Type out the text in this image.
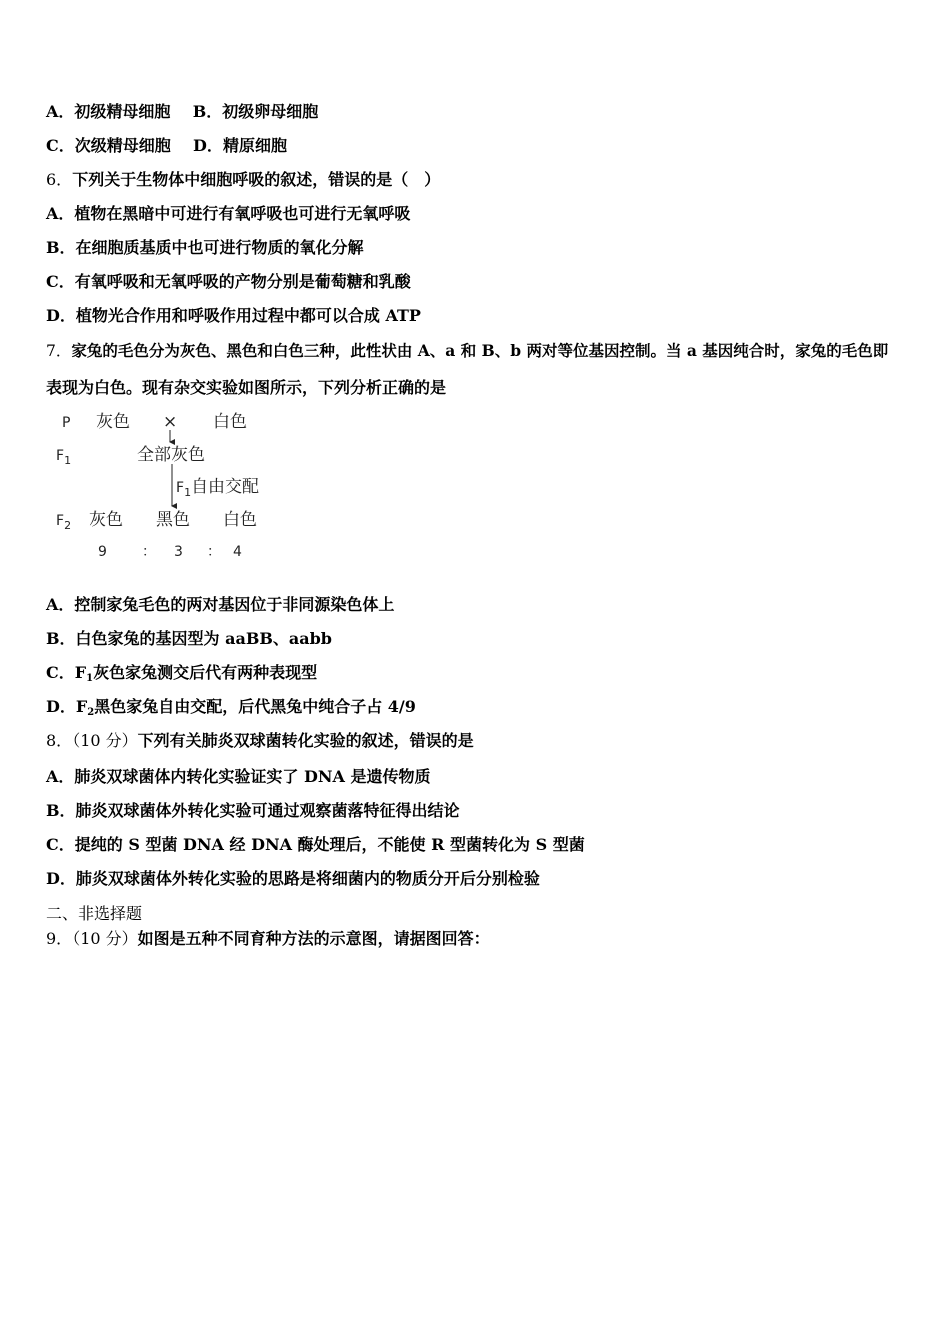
A．初级精母细胞 B．初级卵母细胞
C．次级精母细胞 D．精原细胞
6．下列关于生物体中细胞呼吸的叙述，错误的是（　）
A．植物在黑暗中可进行有氧呼吸也可进行无氧呼吸
B．在细胞质基质中也可进行物质的氧化分解
C．有氧呼吸和无氧呼吸的产物分别是葡萄糖和乳酸
D．植物光合作用和呼吸作用过程中都可以合成 ATP
7．家兔的毛色分为灰色、黑色和白色三种，此性状由 A、a 和 B、b 两对等位基因控制。当 a 基因纯合时，家兔的毛色即
表现为白色。现有杂交实验如图所示，下列分析正确的是
P 灰色 × 白色
$F_1$	全部灰色
$F_1$自由交配
$F_2$ 灰色 黑色 白色
9	： 3 ： 4
A．控制家兔毛色的两对基因位于非同源染色体上
B．白色家兔的基因型为 aaBB、aabb
C．$F_1$灰色家兔测交后代有两种表现型
D．$F_2$黑色家兔自由交配，后代黑兔中纯合子占 4/9
8．（10 分）下列有关肺炎双球菌转化实验的叙述，错误的是
A．肺炎双球菌体内转化实验证实了 DNA 是遗传物质
B．肺炎双球菌体外转化实验可通过观察菌落特征得出结论
C．提纯的 S 型菌 DNA 经 DNA 酶处理后，不能使 R 型菌转化为 S 型菌
D．肺炎双球菌体外转化实验的思路是将细菌内的物质分开后分别检验
二、非选择题
9．（10 分）如图是五种不同育种方法的示意图，请据图回答：
